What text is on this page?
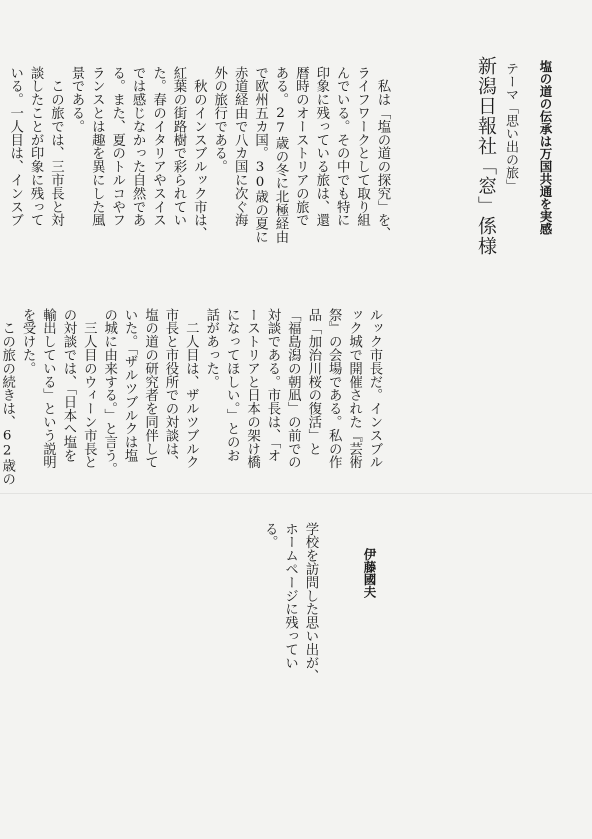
新潟日報社「窓」係様 テーマ「思い出の旅」 塩の道の伝承は万国共通を実感
　私は「塩の道の探究」を、
ライフワークとして取り組
んでいる。その中でも特に
印象に残っている旅は、還
暦時のオーストリアの旅で
ある。27歳の冬に北極経由
で欧州五カ国。30歳の夏に
赤道経由で八カ国に次ぐ海
外の旅行である。
　秋のインスブルック市は、
紅葉の街路樹で彩られてい
た。春のイタリアやスイス
では感じなかった自然であ
る。また、夏のトルコやフ
ランスとは趣を異にした風
景である。
　この旅では、三市長と対
談したことが印象に残って
いる。一人目は、インスブ
ルック市長だ。インスブル
ック城で開催された『芸術
祭』の会場である。私の作
品「加治川桜の復活」と
「福島潟の朝凪」の前での
対談である。市長は、「オ
ーストリアと日本の架け橋
になってほしい。」とのお
話があった。
　二人目は、ザルツブルク
市長と市役所での対談は、
塩の道の研究者を同伴して
いた。「ザルツブルクは塩
の城に由来する。」と言う。
　三人目のウィーン市長と
の対談では、「日本へ塩を
輸出している」という説明
を受けた。
　この旅の続きは、62歳の
学校を訪問した思い出が、
ホームページに残ってい
る。
伊藤國夫
